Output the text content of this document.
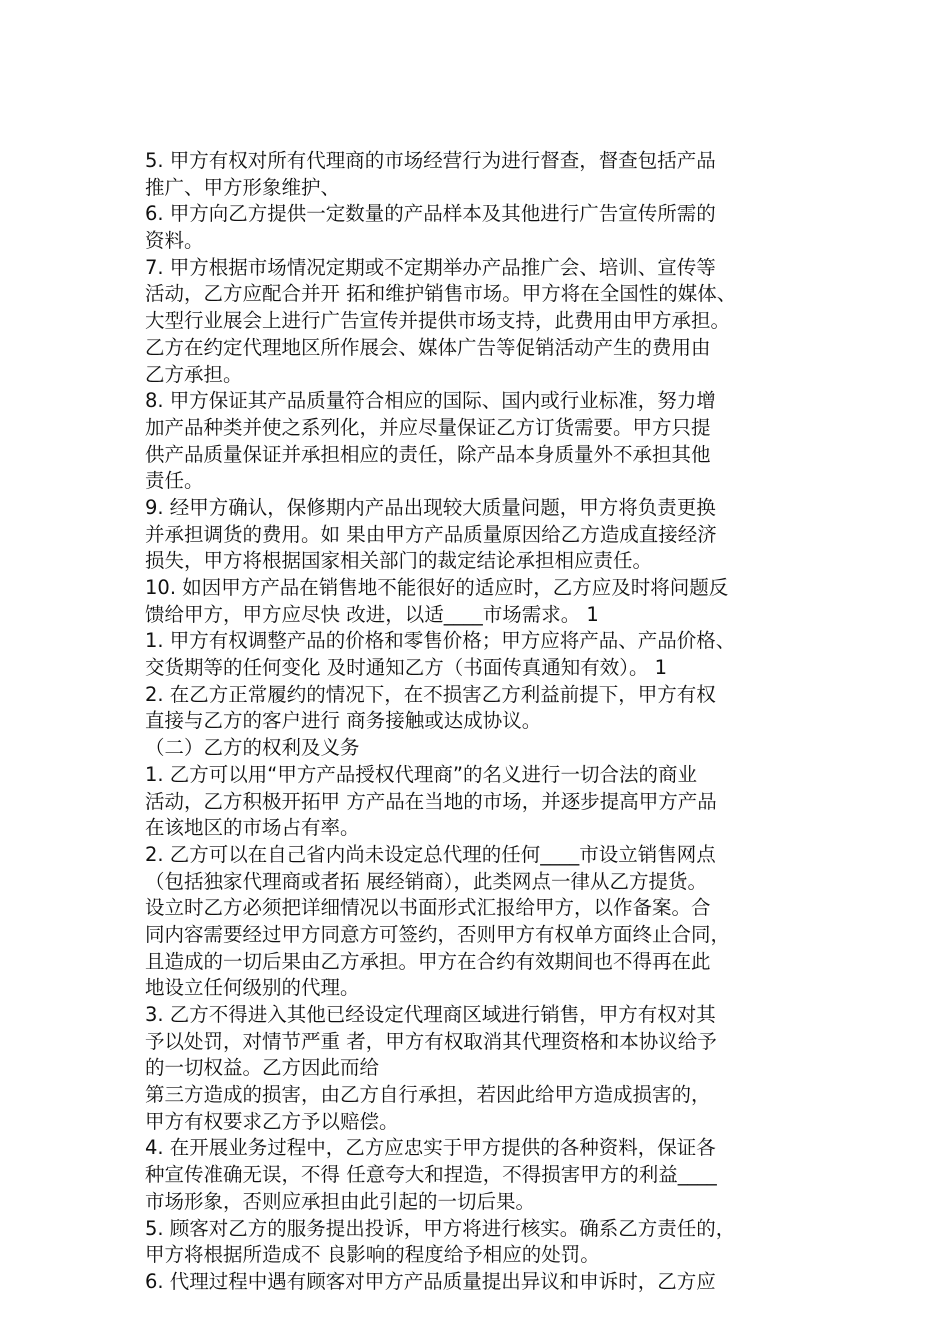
5. 甲方有权对所有代理商的市场经营行为进行督查，督查包括产品
推广、甲方形象维护、
6. 甲方向乙方提供一定数量的产品样本及其他进行广告宣传所需的
资料。
7. 甲方根据市场情况定期或不定期举办产品推广会、培训、宣传等
活动，乙方应配合并开 拓和维护销售市场。甲方将在全国性的媒体、
大型行业展会上进行广告宣传并提供市场支持，此费用由甲方承担。
乙方在约定代理地区所作展会、媒体广告等促销活动产生的费用由
乙方承担。
8. 甲方保证其产品质量符合相应的国际、国内或行业标准，努力增
加产品种类并使之系列化，并应尽量保证乙方订货需要。甲方只提
供产品质量保证并承担相应的责任，除产品本身质量外不承担其他
责任。
9. 经甲方确认，保修期内产品出现较大质量问题，甲方将负责更换
并承担调货的费用。如 果由甲方产品质量原因给乙方造成直接经济
损失，甲方将根据国家相关部门的裁定结论承担相应责任。
10. 如因甲方产品在销售地不能很好的适应时，乙方应及时将问题反
馈给甲方，甲方应尽快 改进，以适____市场需求。 1
1. 甲方有权调整产品的价格和零售价格；甲方应将产品、产品价格、
交货期等的任何变化 及时通知乙方（书面传真通知有效）。 1
2. 在乙方正常履约的情况下，在不损害乙方利益前提下，甲方有权
直接与乙方的客户进行 商务接触或达成协议。
（二）乙方的权利及义务
1. 乙方可以用“甲方产品授权代理商”的名义进行一切合法的商业
活动，乙方积极开拓甲 方产品在当地的市场，并逐步提高甲方产品
在该地区的市场占有率。
2. 乙方可以在自己省内尚未设定总代理的任何____市设立销售网点
（包括独家代理商或者拓 展经销商），此类网点一律从乙方提货。
设立时乙方必须把详细情况以书面形式汇报给甲方，以作备案。合
同内容需要经过甲方同意方可签约，否则甲方有权单方面终止合同，
且造成的一切后果由乙方承担。甲方在合约有效期间也不得再在此
地设立任何级别的代理。
3. 乙方不得进入其他已经设定代理商区域进行销售，甲方有权对其
予以处罚，对情节严重 者，甲方有权取消其代理资格和本协议给予
的一切权益。乙方因此而给
第三方造成的损害，由乙方自行承担，若因此给甲方造成损害的，
甲方有权要求乙方予以赔偿。
4. 在开展业务过程中，乙方应忠实于甲方提供的各种资料，保证各
种宣传准确无误，不得 任意夸大和捏造，不得损害甲方的利益____
市场形象，否则应承担由此引起的一切后果。
5. 顾客对乙方的服务提出投诉，甲方将进行核实。确系乙方责任的，
甲方将根据所造成不 良影响的程度给予相应的处罚。
6. 代理过程中遇有顾客对甲方产品质量提出异议和申诉时，乙方应
